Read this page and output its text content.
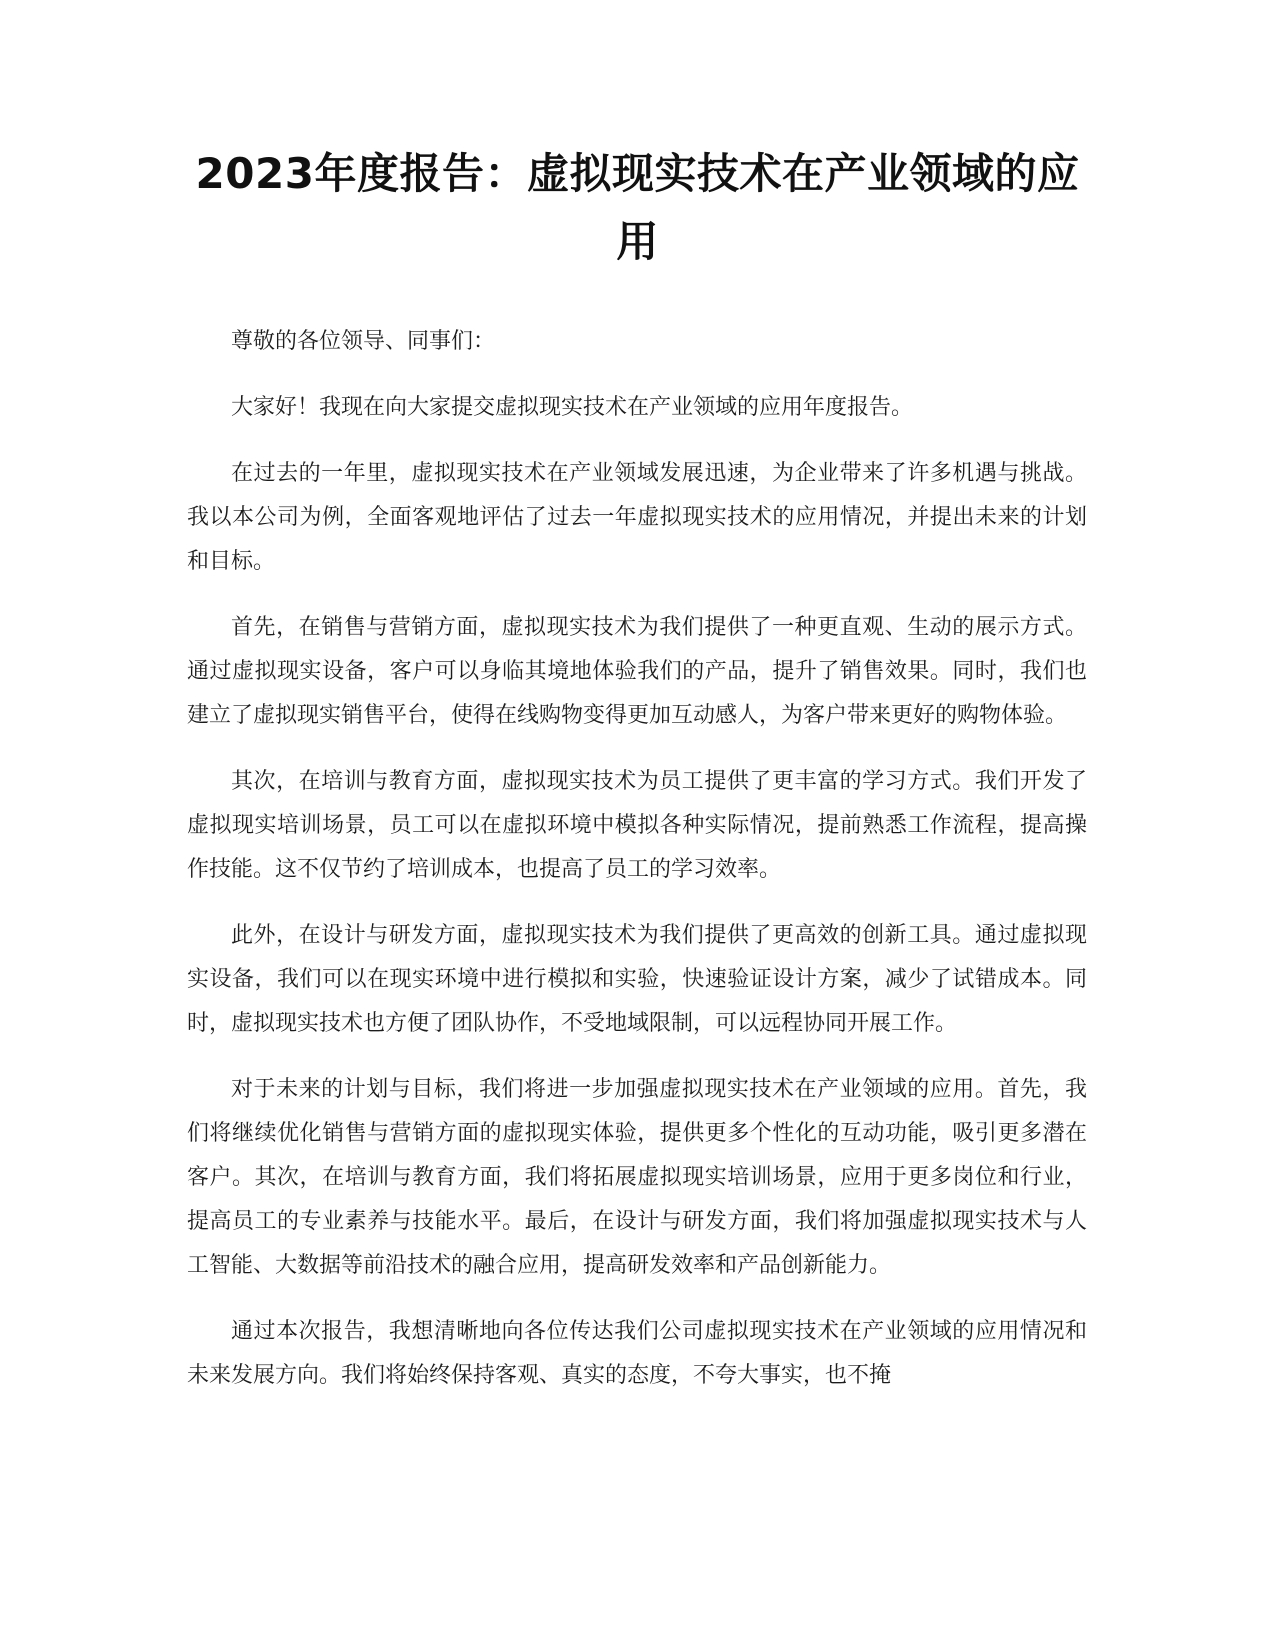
2023年度报告：虚拟现实技术在产业领域的应用

尊敬的各位领导、同事们：

大家好！我现在向大家提交虚拟现实技术在产业领域的应用年度报告。

在过去的一年里，虚拟现实技术在产业领域发展迅速，为企业带来了许多机遇与挑战。我以本公司为例，全面客观地评估了过去一年虚拟现实技术的应用情况，并提出未来的计划和目标。

首先，在销售与营销方面，虚拟现实技术为我们提供了一种更直观、生动的展示方式。通过虚拟现实设备，客户可以身临其境地体验我们的产品，提升了销售效果。同时，我们也建立了虚拟现实销售平台，使得在线购物变得更加互动感人，为客户带来更好的购物体验。

其次，在培训与教育方面，虚拟现实技术为员工提供了更丰富的学习方式。我们开发了虚拟现实培训场景，员工可以在虚拟环境中模拟各种实际情况，提前熟悉工作流程，提高操作技能。这不仅节约了培训成本，也提高了员工的学习效率。

此外，在设计与研发方面，虚拟现实技术为我们提供了更高效的创新工具。通过虚拟现实设备，我们可以在现实环境中进行模拟和实验，快速验证设计方案，减少了试错成本。同时，虚拟现实技术也方便了团队协作，不受地域限制，可以远程协同开展工作。

对于未来的计划与目标，我们将进一步加强虚拟现实技术在产业领域的应用。首先，我们将继续优化销售与营销方面的虚拟现实体验，提供更多个性化的互动功能，吸引更多潜在客户。其次，在培训与教育方面，我们将拓展虚拟现实培训场景，应用于更多岗位和行业，提高员工的专业素养与技能水平。最后，在设计与研发方面，我们将加强虚拟现实技术与人工智能、大数据等前沿技术的融合应用，提高研发效率和产品创新能力。

通过本次报告，我想清晰地向各位传达我们公司虚拟现实技术在产业领域的应用情况和未来发展方向。我们将始终保持客观、真实的态度，不夸大事实，也不掩
